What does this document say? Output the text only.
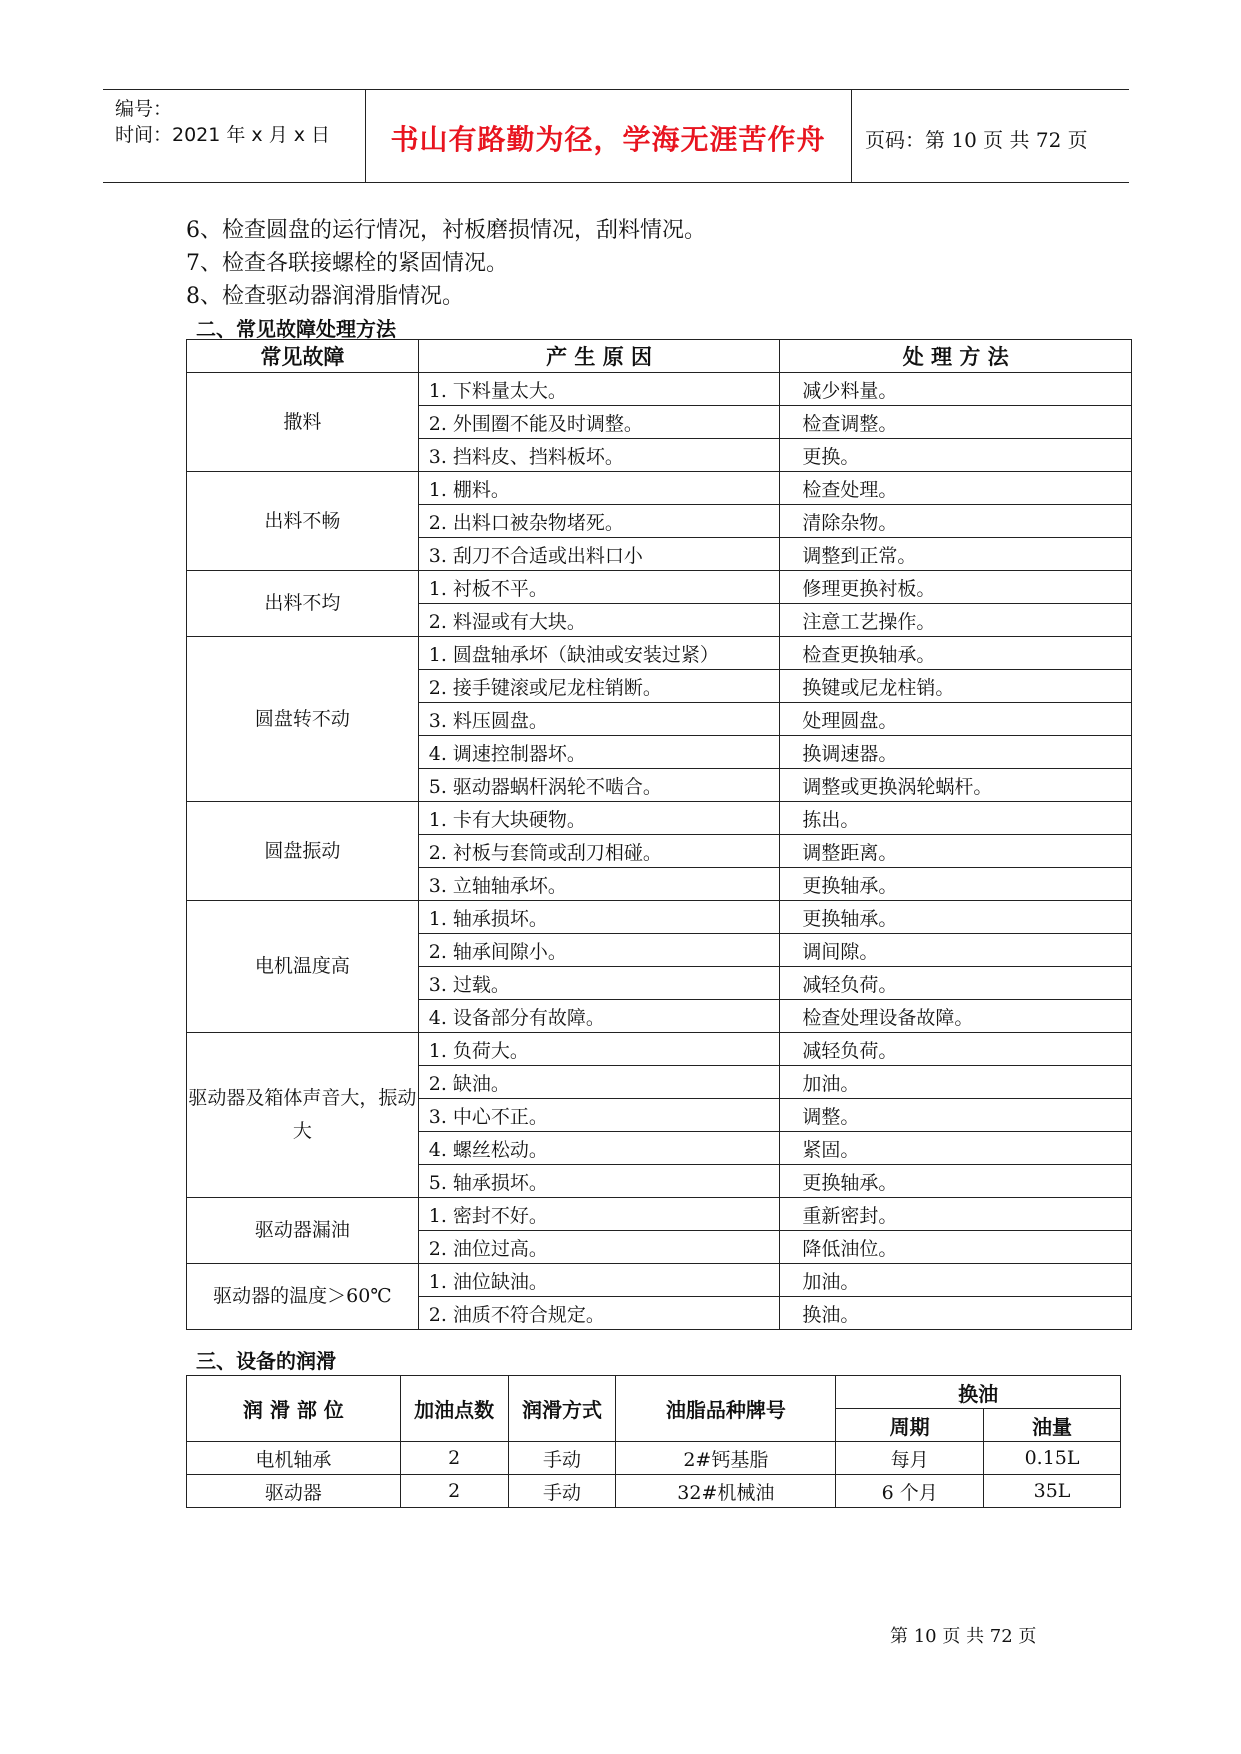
编号：
时间：2021 年 x 月 x 日	书山有路勤为径，学海无涯苦作舟	页码：第 10 页 共 72 页
6、检查圆盘的运行情况，衬板磨损情况，刮料情况。
7、检查各联接螺栓的紧固情况。
8、检查驱动器润滑脂情况。
二、常见故障处理方法
常见故障	产 生 原 因	处 理 方 法
撒料	1. 下料量太大。	减少料量。
	2. 外围圈不能及时调整。	检查调整。
	3. 挡料皮、挡料板坏。	更换。
出料不畅	1. 棚料。	检查处理。
	2. 出料口被杂物堵死。	清除杂物。
	3. 刮刀不合适或出料口小	调整到正常。
出料不均	1. 衬板不平。	修理更换衬板。
	2. 料湿或有大块。	注意工艺操作。
圆盘转不动	1. 圆盘轴承坏（缺油或安装过紧）	检查更换轴承。
	2. 接手键滚或尼龙柱销断。	换键或尼龙柱销。
	3. 料压圆盘。	处理圆盘。
	4. 调速控制器坏。	换调速器。
	5. 驱动器蜗杆涡轮不啮合。	调整或更换涡轮蜗杆。
圆盘振动	1. 卡有大块硬物。	拣出。
	2. 衬板与套筒或刮刀相碰。	调整距离。
	3. 立轴轴承坏。	更换轴承。
电机温度高	1. 轴承损坏。	更换轴承。
	2. 轴承间隙小。	调间隙。
	3. 过载。	减轻负荷。
	4. 设备部分有故障。	检查处理设备故障。
驱动器及箱体声音大，振动大	1. 负荷大。	减轻负荷。
	2. 缺油。	加油。
	3. 中心不正。	调整。
	4. 螺丝松动。	紧固。
	5. 轴承损坏。	更换轴承。
驱动器漏油	1. 密封不好。	重新密封。
	2. 油位过高。	降低油位。
驱动器的温度＞60℃	1. 油位缺油。	加油。
	2. 油质不符合规定。	换油。
三、设备的润滑
润 滑 部 位	加油点数	润滑方式	油脂品种牌号	换油	
				周期	油量
电机轴承	2	手动	2#钙基脂	每月	0.15L
驱动器	2	手动	32#机械油	6 个月	35L
第 10 页 共 72 页
